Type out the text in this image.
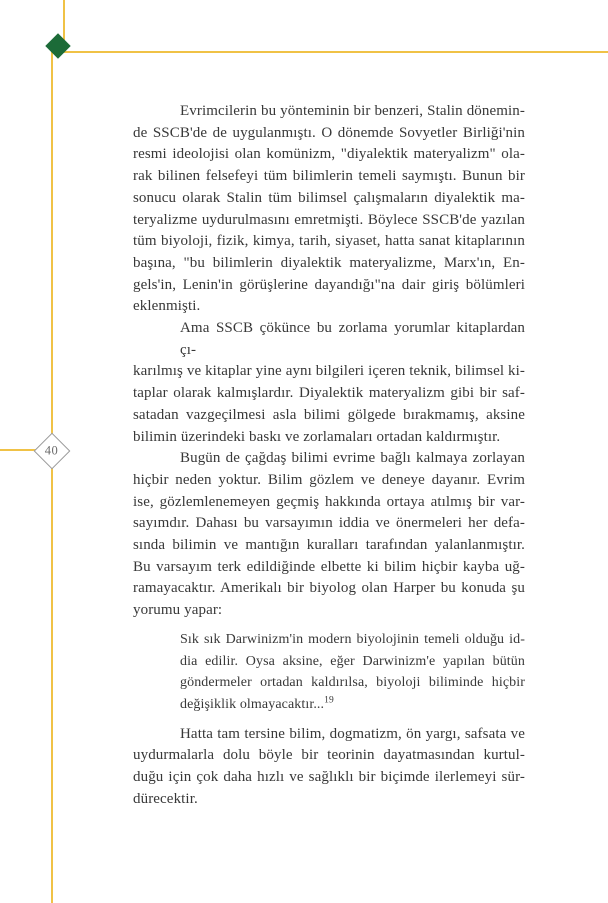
40
Evrimcilerin bu yönteminin bir benzeri, Stalin dönemin-
de SSCB'de de uygulanmıştı. O dönemde Sovyetler Birliği'nin
resmi ideolojisi olan komünizm, "diyalektik materyalizm" ola-
rak bilinen felsefeyi tüm bilimlerin temeli saymıştı. Bunun bir
sonucu olarak Stalin tüm bilimsel çalışmaların diyalektik ma-
teryalizme uydurulmasını emretmişti. Böylece SSCB'de yazılan
tüm biyoloji, fizik, kimya, tarih, siyaset, hatta sanat kitaplarının
başına, "bu bilimlerin diyalektik materyalizme, Marx'ın, En-
gels'in, Lenin'in görüşlerine dayandığı"na dair giriş bölümleri
eklenmişti.
Ama SSCB çökünce bu zorlama yorumlar kitaplardan çı-
karılmış ve kitaplar yine aynı bilgileri içeren teknik, bilimsel ki-
taplar olarak kalmışlardır. Diyalektik materyalizm gibi bir saf-
satadan vazgeçilmesi asla bilimi gölgede bırakmamış, aksine
bilimin üzerindeki baskı ve zorlamaları ortadan kaldırmıştır.
Bugün de çağdaş bilimi evrime bağlı kalmaya zorlayan
hiçbir neden yoktur. Bilim gözlem ve deneye dayanır. Evrim
ise, gözlemlenemeyen geçmiş hakkında ortaya atılmış bir var-
sayımdır. Dahası bu varsayımın iddia ve önermeleri her defa-
sında bilimin ve mantığın kuralları tarafından yalanlanmıştır.
Bu varsayım terk edildiğinde elbette ki bilim hiçbir kayba uğ-
ramayacaktır. Amerikalı bir biyolog olan Harper bu konuda şu
yorumu yapar:
Sık sık Darwinizm'in modern biyolojinin temeli olduğu id-
dia edilir. Oysa aksine, eğer Darwinizm'e yapılan bütün
göndermeler ortadan kaldırılsa, biyoloji biliminde hiçbir
değişiklik olmayacaktır...$^{19}$
Hatta tam tersine bilim, dogmatizm, ön yargı, safsata ve
uydurmalarla dolu böyle bir teorinin dayatmasından kurtul-
duğu için çok daha hızlı ve sağlıklı bir biçimde ilerlemeyi sür-
dürecektir.
